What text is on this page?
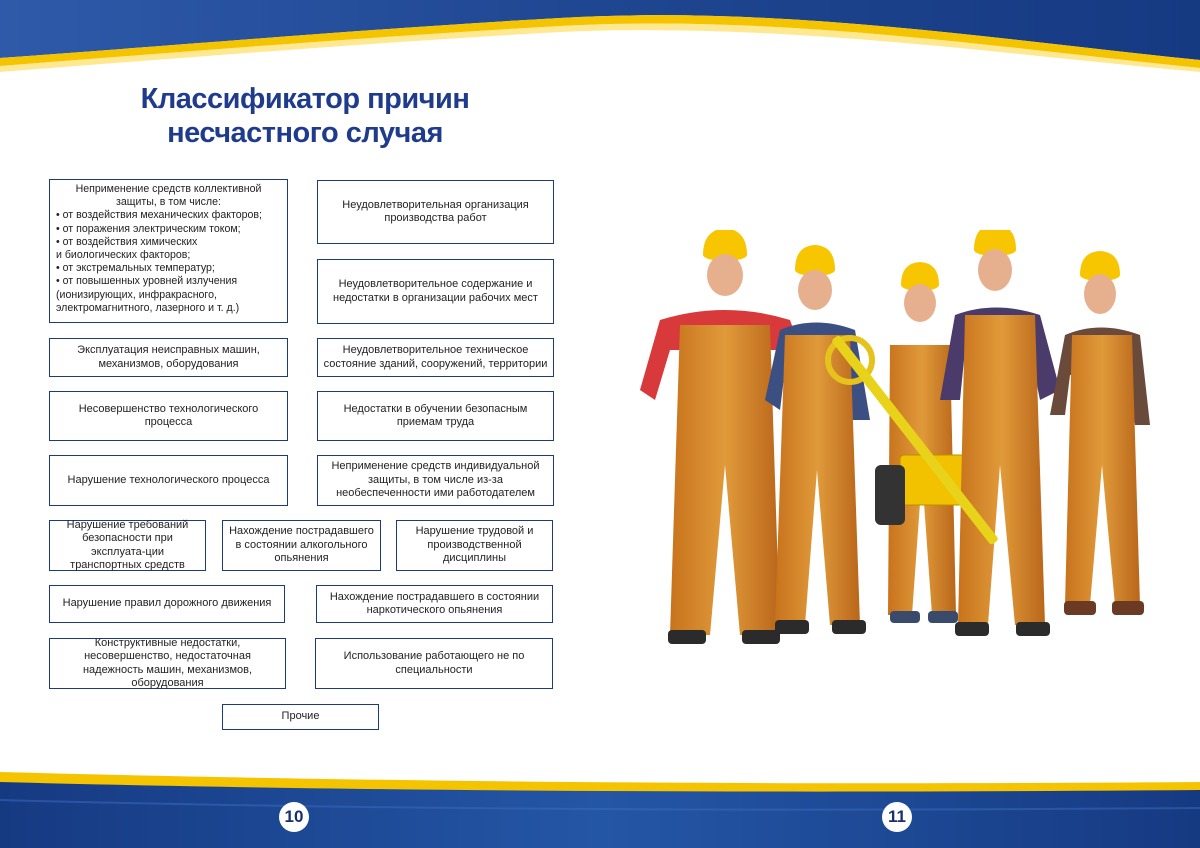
Классификатор причин
несчастного случая
Неприменение средств коллективной защиты, в том числе:
• от воздействия механических факторов;
• от поражения электрическим током;
• от воздействия химических
и биологических факторов;
• от экстремальных температур;
• от повышенных уровней излучения
(ионизирующих, инфракрасного,
электромагнитного, лазерного и т. д.)
Неудовлетворительная организация производства работ
Неудовлетворительное содержание и недостатки в организации рабочих мест
Эксплуатация неисправных машин, механизмов, оборудования
Неудовлетворительное техническое состояние зданий, сооружений, территории
Несовершенство технологического процесса
Недостатки в обучении безопасным приемам труда
Нарушение технологического процесса
Неприменение средств индивидуальной защиты, в том числе из-за необеспеченности ими работодателем
Нарушение требований безопасности при эксплуата-ции транспортных средств
Нахождение пострадавшего в состоянии алкогольного опьянения
Нарушение трудовой и производственной дисциплины
Нарушение правил дорожного движения
Нахождение пострадавшего в состоянии наркотического опьянения
Конструктивные недостатки, несовершенство, недостаточная надежность машин, механизмов, оборудования
Использование работающего не по специальности
Прочие
10	11
